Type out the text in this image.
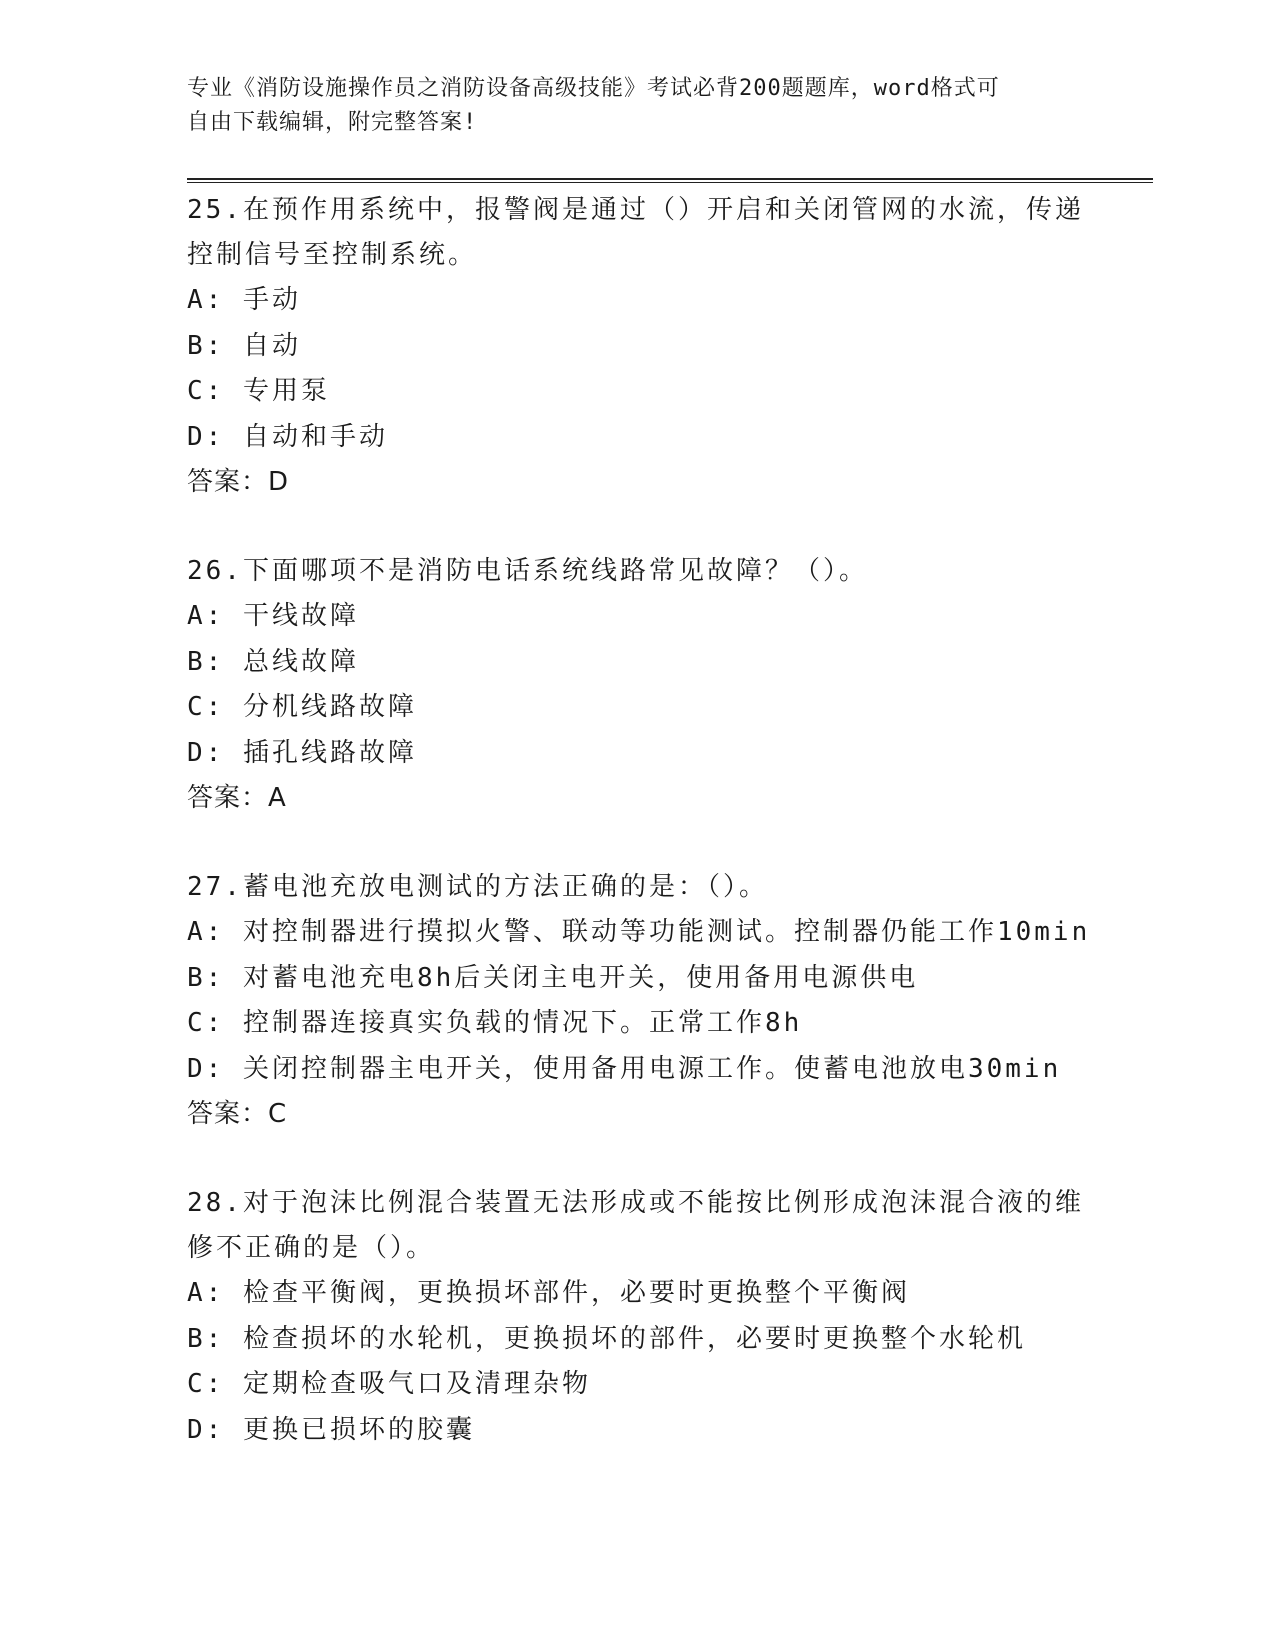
专业《消防设施操作员之消防设备高级技能》考试必背200题题库，word格式可
自由下载编辑，附完整答案!

25.在预作用系统中，报警阀是通过（）开启和关闭管网的水流，传递

控制信号至控制系统。

A: 手动

B: 自动

C: 专用泵

D: 自动和手动

答案：D

26.下面哪项不是消防电话系统线路常见故障？（）。

A: 干线故障

B: 总线故障

C: 分机线路故障

D: 插孔线路故障

答案：A

27.蓄电池充放电测试的方法正确的是：（）。

A: 对控制器进行摸拟火警、联动等功能测试。控制器仍能工作10min

B: 对蓄电池充电8h后关闭主电开关，使用备用电源供电

C: 控制器连接真实负载的情况下。正常工作8h

D: 关闭控制器主电开关，使用备用电源工作。使蓄电池放电30min

答案：C

28.对于泡沫比例混合装置无法形成或不能按比例形成泡沫混合液的维

修不正确的是（）。

A: 检查平衡阀，更换损坏部件，必要时更换整个平衡阀

B: 检查损坏的水轮机，更换损坏的部件，必要时更换整个水轮机

C: 定期检查吸气口及清理杂物

D: 更换已损坏的胶囊
